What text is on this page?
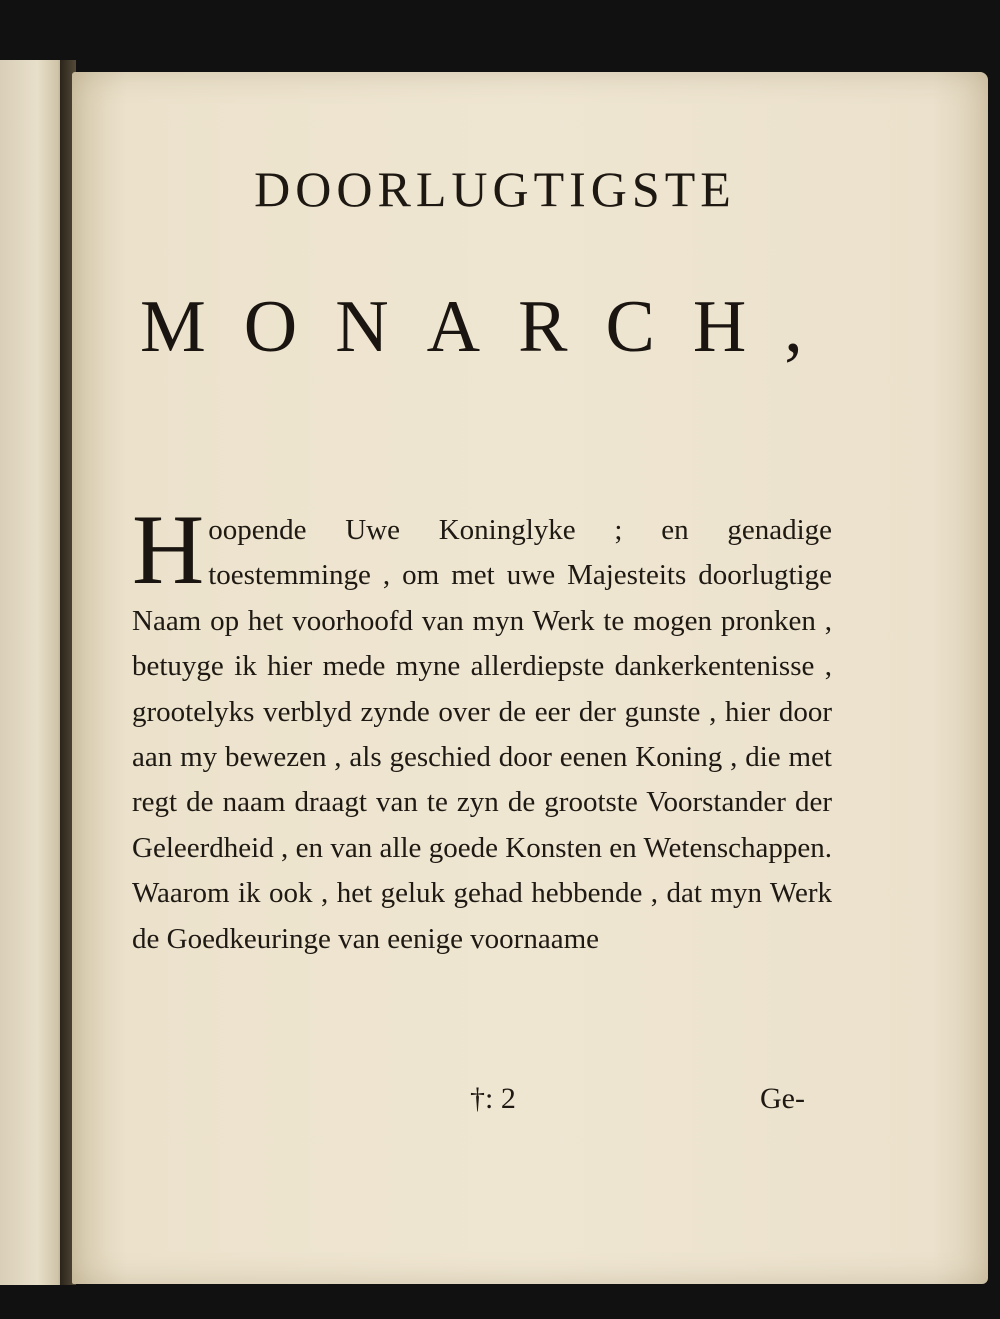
DOORLUGTIGSTE
MONARCH,

Hoopende Uwe Koninglyke ; en genadige toestemminge , om met uwe Majesteits doorlugtige Naam op het voorhoofd van myn Werk te mogen pronken , betuyge ik hier mede myne allerdiepste dankerkentenisse , grootelyks verblyd zynde over de eer der gunste , hier door aan my bewezen , als geschied door eenen Koning , die met regt de naam draagt van te zyn de grootste Voorstander der Geleerdheid , en van alle goede Konsten en Wetenschappen. Waarom ik ook , het geluk gehad hebbende , dat myn Werk de Goedkeuringe van eenige voornaame

†: 2	Ge-
